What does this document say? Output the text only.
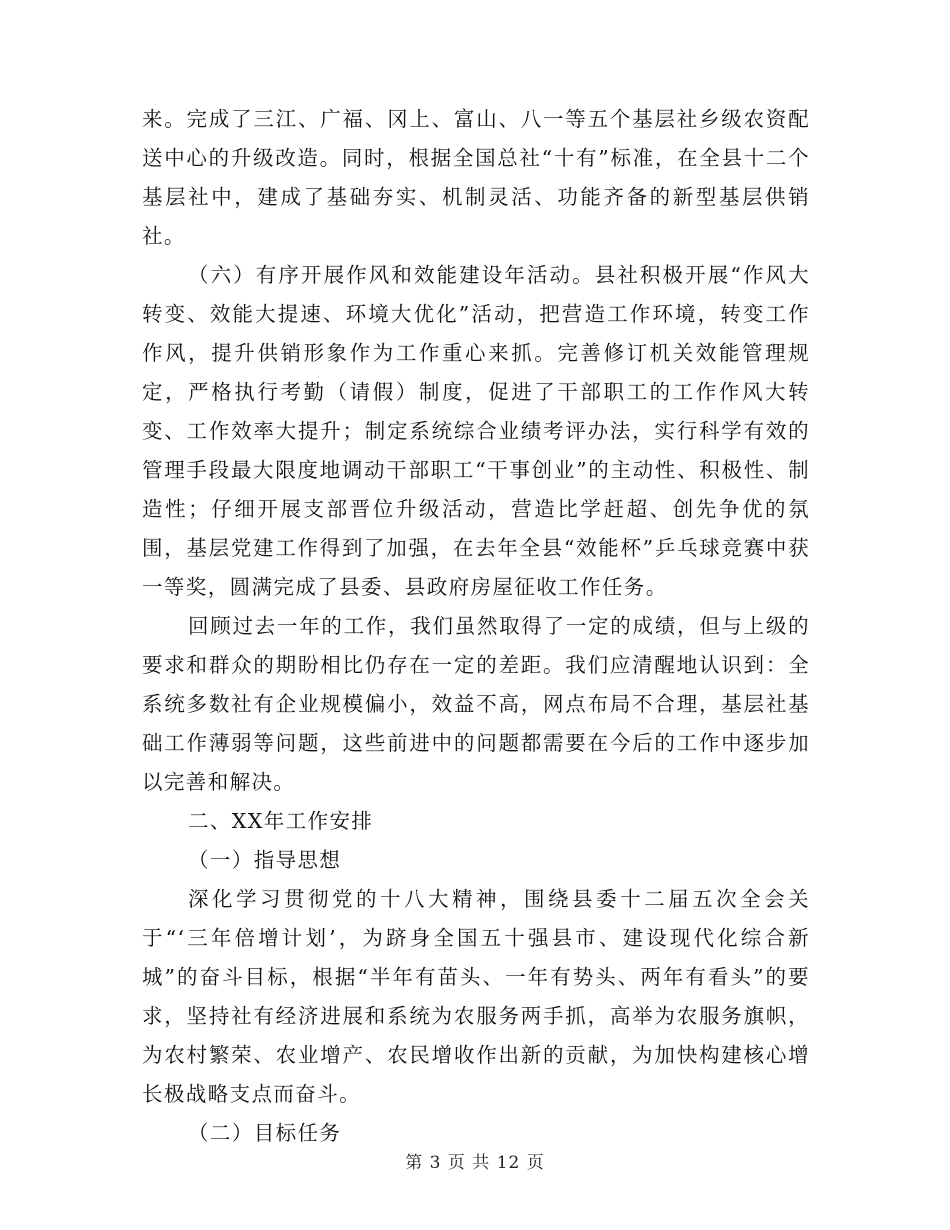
来。完成了三江、广福、冈上、富山、八一等五个基层社乡级农资配送中心的升级改造。同时，根据全国总社“十有”标准，在全县十二个基层社中，建成了基础夯实、机制灵活、功能齐备的新型基层供销社。

（六）有序开展作风和效能建设年活动。县社积极开展“作风大转变、效能大提速、环境大优化”活动，把营造工作环境，转变工作作风，提升供销形象作为工作重心来抓。完善修订机关效能管理规定，严格执行考勤（请假）制度，促进了干部职工的工作作风大转变、工作效率大提升；制定系统综合业绩考评办法，实行科学有效的管理手段最大限度地调动干部职工“干事创业”的主动性、积极性、制造性；仔细开展支部晋位升级活动，营造比学赶超、创先争优的氛围，基层党建工作得到了加强，在去年全县“效能杯”乒乓球竞赛中获一等奖，圆满完成了县委、县政府房屋征收工作任务。

回顾过去一年的工作，我们虽然取得了一定的成绩，但与上级的要求和群众的期盼相比仍存在一定的差距。我们应清醒地认识到：全系统多数社有企业规模偏小，效益不高，网点布局不合理，基层社基础工作薄弱等问题，这些前进中的问题都需要在今后的工作中逐步加以完善和解决。

二、XX年工作安排

（一）指导思想

深化学习贯彻党的十八大精神，围绕县委十二届五次全会关于“‘三年倍增计划’，为跻身全国五十强县市、建设现代化综合新城”的奋斗目标，根据“半年有苗头、一年有势头、两年有看头”的要求，坚持社有经济进展和系统为农服务两手抓，高举为农服务旗帜，为农村繁荣、农业增产、农民增收作出新的贡献，为加快构建核心增长极战略支点而奋斗。

（二）目标任务

第 3 页 共 12 页
